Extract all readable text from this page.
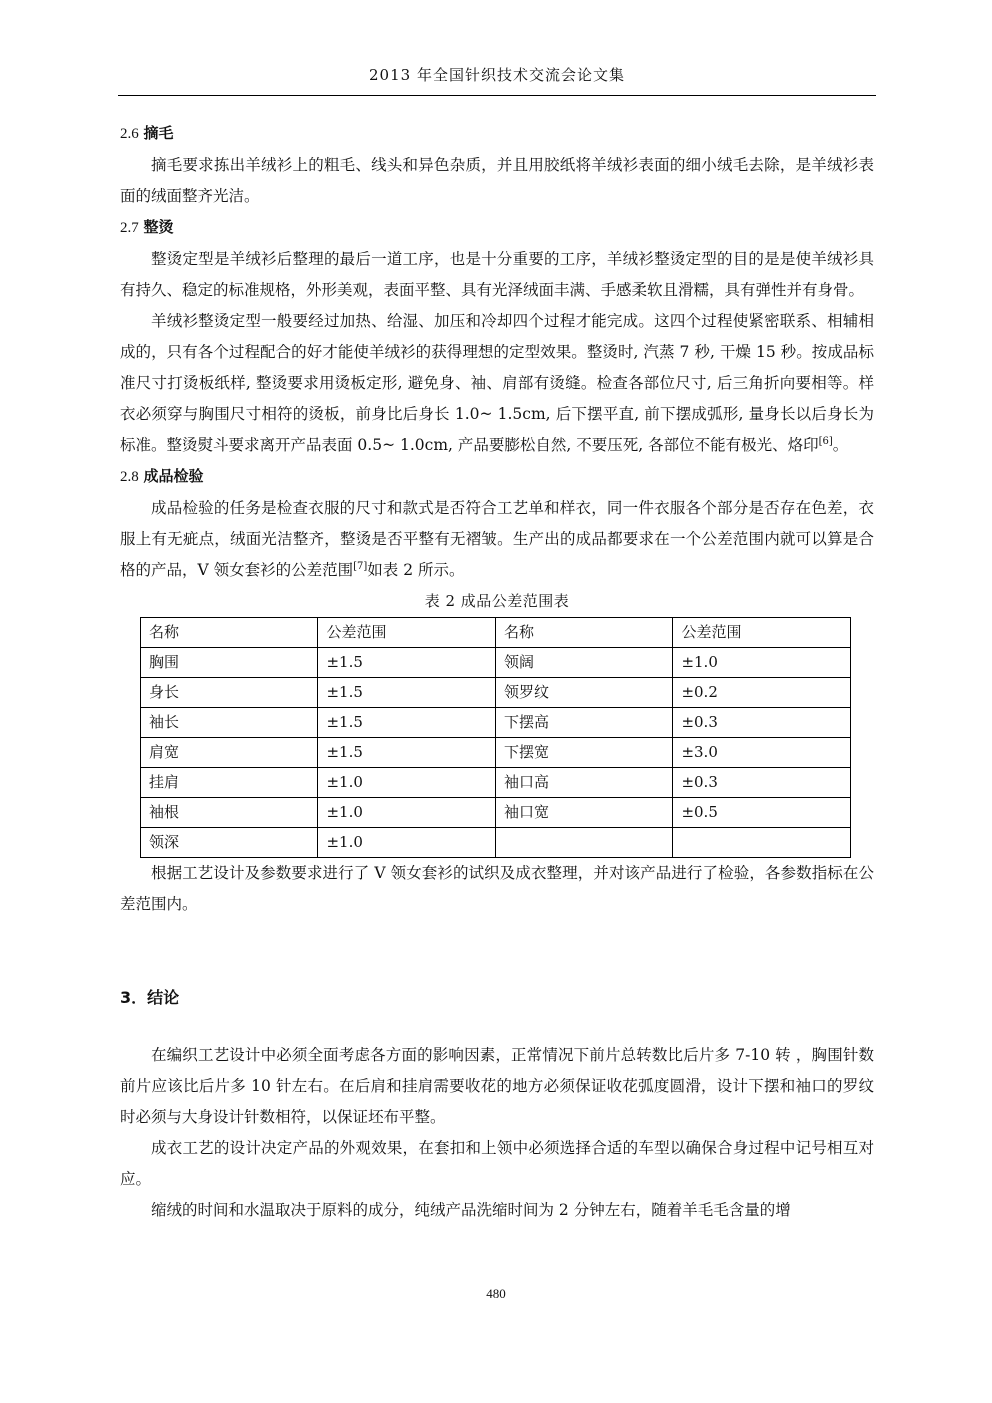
2013 年全国针织技术交流会论文集

2.6 摘毛

摘毛要求拣出羊绒衫上的粗毛、线头和异色杂质，并且用胶纸将羊绒衫表面的细小绒毛去除，是羊绒衫表面的绒面整齐光洁。

2.7 整烫

整烫定型是羊绒衫后整理的最后一道工序，也是十分重要的工序，羊绒衫整烫定型的目的是是使羊绒衫具有持久、稳定的标准规格，外形美观，表面平整、具有光泽绒面丰满、手感柔软且滑糯，具有弹性并有身骨。

羊绒衫整烫定型一般要经过加热、给湿、加压和冷却四个过程才能完成。这四个过程使紧密联系、相辅相成的，只有各个过程配合的好才能使羊绒衫的获得理想的定型效果。整烫时, 汽蒸 7 秒, 干燥 15 秒。按成品标准尺寸打烫板纸样, 整烫要求用烫板定形, 避免身、袖、肩部有烫缝。检查各部位尺寸, 后三角折向要相等。样衣必须穿与胸围尺寸相符的烫板，前身比后身长 1.0~ 1.5cm, 后下摆平直, 前下摆成弧形, 量身长以后身长为标准。整烫熨斗要求离开产品表面 0.5~ 1.0cm, 产品要膨松自然, 不要压死, 各部位不能有极光、烙印[6]。

2.8 成品检验

成品检验的任务是检查衣服的尺寸和款式是否符合工艺单和样衣，同一件衣服各个部分是否存在色差，衣服上有无疵点，绒面光洁整齐，整烫是否平整有无褶皱。生产出的成品都要求在一个公差范围内就可以算是合格的产品，V 领女套衫的公差范围[7]如表 2 所示。

表 2 成品公差范围表

名称	公差范围	名称	公差范围
胸围	±1.5	领阔	±1.0
身长	±1.5	领罗纹	±0.2
袖长	±1.5	下摆高	±0.3
肩宽	±1.5	下摆宽	±3.0
挂肩	±1.0	袖口高	±0.3
袖根	±1.0	袖口宽	±0.5
领深	±1.0		

根据工艺设计及参数要求进行了 V 领女套衫的试织及成衣整理，并对该产品进行了检验，各参数指标在公差范围内。

3．结论

在编织工艺设计中必须全面考虑各方面的影响因素，正常情况下前片总转数比后片多 7-10 转 ，胸围针数前片应该比后片多 10 针左右。在后肩和挂肩需要收花的地方必须保证收花弧度圆滑，设计下摆和袖口的罗纹时必须与大身设计针数相符，以保证坯布平整。

成衣工艺的设计决定产品的外观效果，在套扣和上领中必须选择合适的车型以确保合身过程中记号相互对应。

缩绒的时间和水温取决于原料的成分，纯绒产品洗缩时间为 2 分钟左右，随着羊毛毛含量的增

480
